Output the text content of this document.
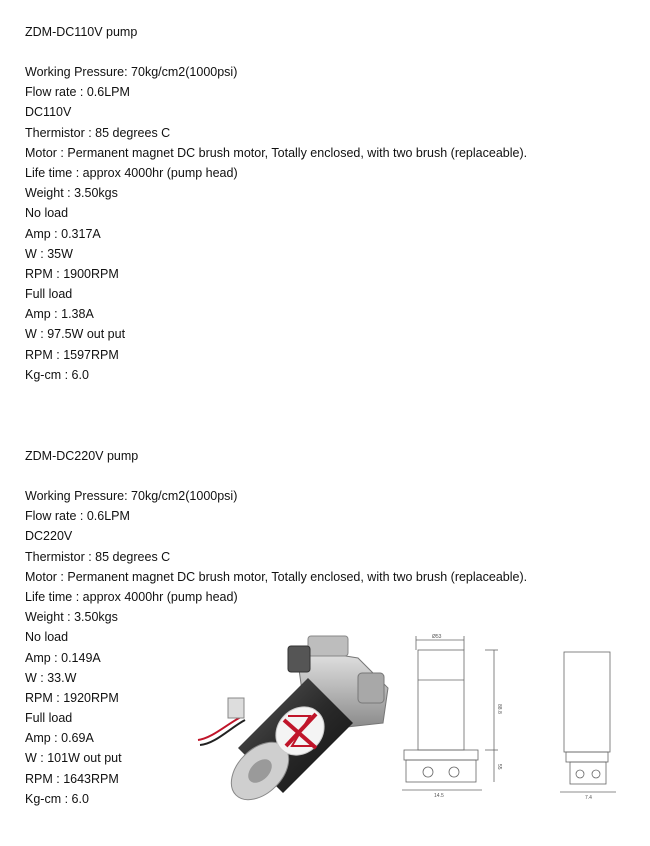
ZDM-DC110V pump
Working Pressure: 70kg/cm2(1000psi)
Flow rate : 0.6LPM
DC110V
Thermistor : 85 degrees C
Motor : Permanent magnet DC brush motor, Totally enclosed, with two brush (replaceable).
Life time : approx 4000hr (pump head)
Weight : 3.50kgs
No load
Amp : 0.317A
W : 35W
RPM : 1900RPM
Full load
Amp : 1.38A
W : 97.5W out put
RPM : 1597RPM
Kg-cm : 6.0
ZDM-DC220V pump
Working Pressure: 70kg/cm2(1000psi)
Flow rate : 0.6LPM
DC220V
Thermistor : 85 degrees C
Motor : Permanent magnet DC brush motor, Totally enclosed, with two brush (replaceable).
Life time : approx 4000hr (pump head)
Weight : 3.50kgs
No load
Amp : 0.149A
W : 33.W
RPM : 1920RPM
Full load
Amp : 0.69A
W : 101W out put
RPM : 1643RPM
Kg-cm : 6.0
Ø53
88.8
55
14.5	7.4
